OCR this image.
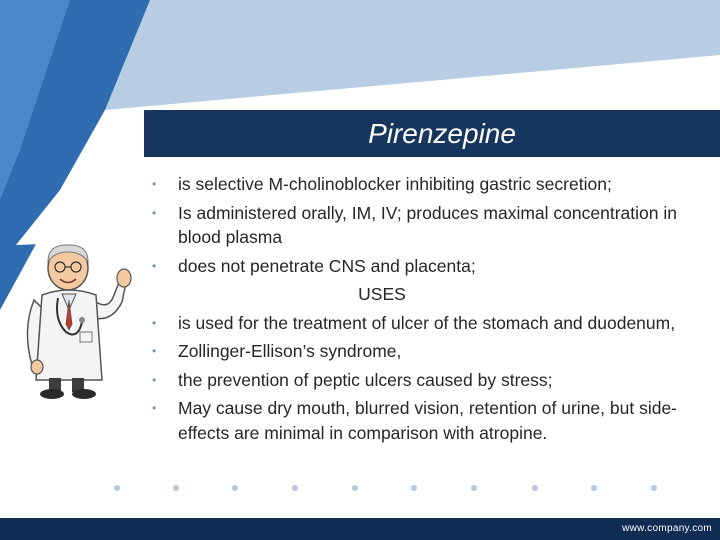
Pirenzepine
•	is selective M-cholinoblocker inhibiting gastric secretion;
•	Is administered orally, IM, IV; produces maximal concentration in blood plasma
•	does not penetrate CNS and placenta;
USES
•	is used for the treatment of ulcer of the stomach and duodenum,
•	Zollinger-Ellison’s syndrome,
•	the prevention of peptic ulcers caused by stress;
•	May cause dry mouth, blurred vision, retention of urine, but side-effects are minimal in comparison with atropine.
www.company.com
